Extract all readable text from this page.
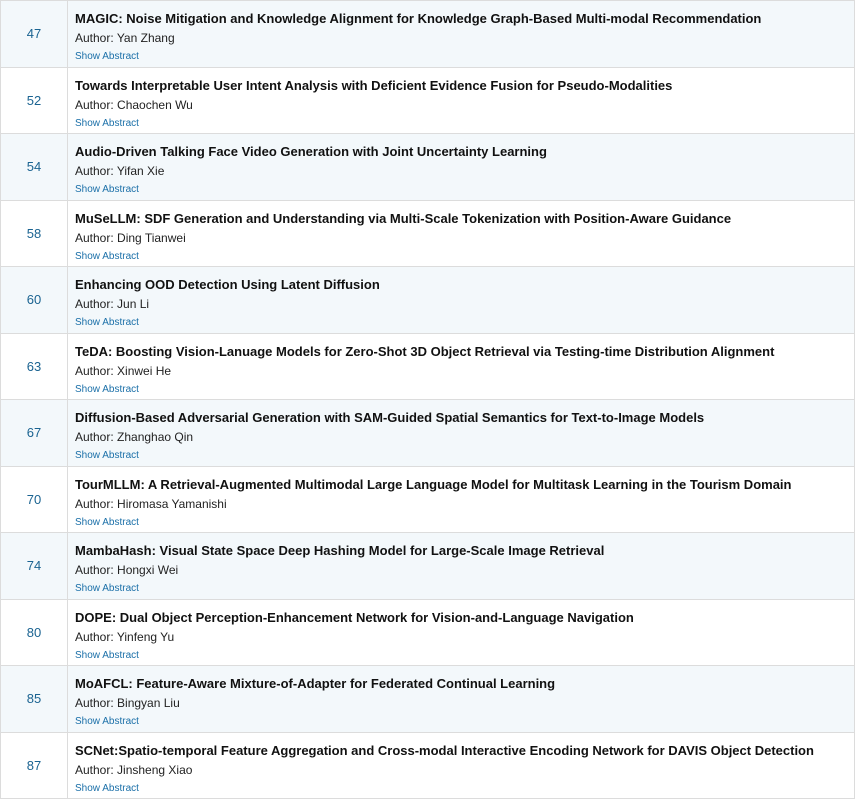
47
MAGIC: Noise Mitigation and Knowledge Alignment for Knowledge Graph-Based Multi-modal Recommendation
Author: Yan Zhang
Show Abstract
52
Towards Interpretable User Intent Analysis with Deficient Evidence Fusion for Pseudo-Modalities
Author: Chaochen Wu
Show Abstract
54
Audio-Driven Talking Face Video Generation with Joint Uncertainty Learning
Author: Yifan Xie
Show Abstract
58
MuSeLLM: SDF Generation and Understanding via Multi-Scale Tokenization with Position-Aware Guidance
Author: Ding Tianwei
Show Abstract
60
Enhancing OOD Detection Using Latent Diffusion
Author: Jun Li
Show Abstract
63
TeDA: Boosting Vision-Lanuage Models for Zero-Shot 3D Object Retrieval via Testing-time Distribution Alignment
Author: Xinwei He
Show Abstract
67
Diffusion-Based Adversarial Generation with SAM-Guided Spatial Semantics for Text-to-Image Models
Author: Zhanghao Qin
Show Abstract
70
TourMLLM: A Retrieval-Augmented Multimodal Large Language Model for Multitask Learning in the Tourism Domain
Author: Hiromasa Yamanishi
Show Abstract
74
MambaHash: Visual State Space Deep Hashing Model for Large-Scale Image Retrieval
Author: Hongxi Wei
Show Abstract
80
DOPE: Dual Object Perception-Enhancement Network for Vision-and-Language Navigation
Author: Yinfeng Yu
Show Abstract
85
MoAFCL: Feature-Aware Mixture-of-Adapter for Federated Continual Learning
Author: Bingyan Liu
Show Abstract
87
SCNet:Spatio-temporal Feature Aggregation and Cross-modal Interactive Encoding Network for DAVIS Object Detection
Author: Jinsheng Xiao
Show Abstract
